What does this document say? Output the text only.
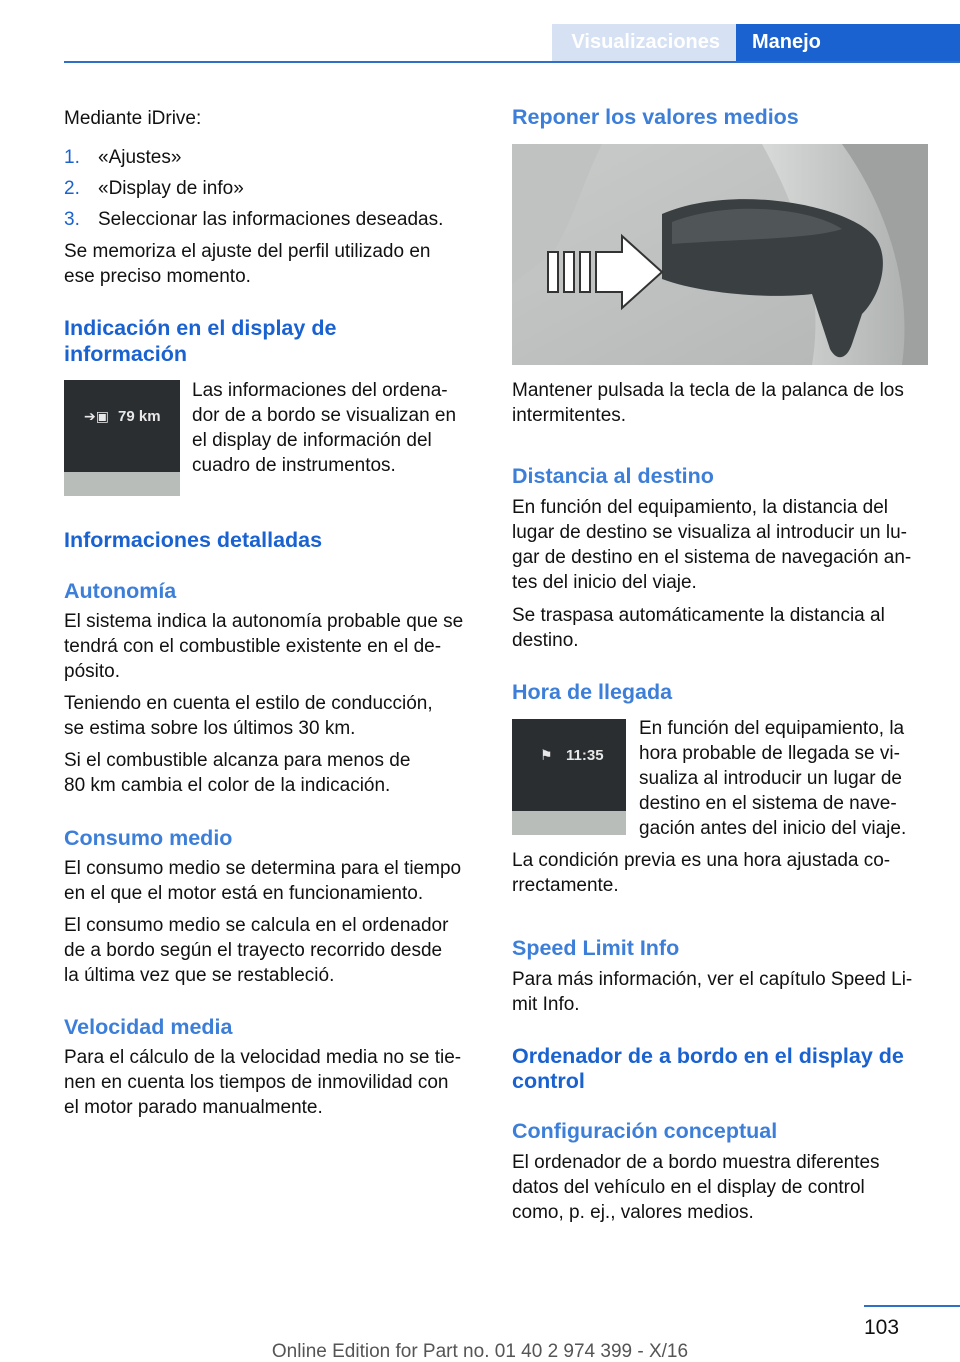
Visualizaciones	Manejo
Mediante iDrive:
1. «Ajustes»
2. «Display de info»
3. Seleccionar las informaciones deseadas.
Se memoriza el ajuste del perfil utilizado en
ese preciso momento.
Indicación en el display de
información
➔▣ 79 km
Las informaciones del ordena‐
dor de a bordo se visualizan en
el display de información del
cuadro de instrumentos.
Informaciones detalladas
Autonomía
El sistema indica la autonomía probable que se
tendrá con el combustible existente en el de‐
pósito.
Teniendo en cuenta el estilo de conducción,
se estima sobre los últimos 30 km.
Si el combustible alcanza para menos de
80 km cambia el color de la indicación.
Consumo medio
El consumo medio se determina para el tiempo
en el que el motor está en funcionamiento.
El consumo medio se calcula en el ordenador
de a bordo según el trayecto recorrido desde
la última vez que se restableció.
Velocidad media
Para el cálculo de la velocidad media no se tie‐
nen en cuenta los tiempos de inmovilidad con
el motor parado manualmente.
Reponer los valores medios
Mantener pulsada la tecla de la palanca de los
intermitentes.
Distancia al destino
En función del equipamiento, la distancia del
lugar de destino se visualiza al introducir un lu‐
gar de destino en el sistema de navegación an‐
tes del inicio del viaje.
Se traspasa automáticamente la distancia al
destino.
Hora de llegada
⚑ 11:35
En función del equipamiento, la
hora probable de llegada se vi‐
sualiza al introducir un lugar de
destino en el sistema de nave‐
gación antes del inicio del viaje.
La condición previa es una hora ajustada co‐
rrectamente.
Speed Limit Info
Para más información, ver el capítulo Speed Li‐
mit Info.
Ordenador de a bordo en el display de
control
Configuración conceptual
El ordenador de a bordo muestra diferentes
datos del vehículo en el display de control
como, p. ej., valores medios.
103
Online Edition for Part no. 01 40 2 974 399 - X/16
